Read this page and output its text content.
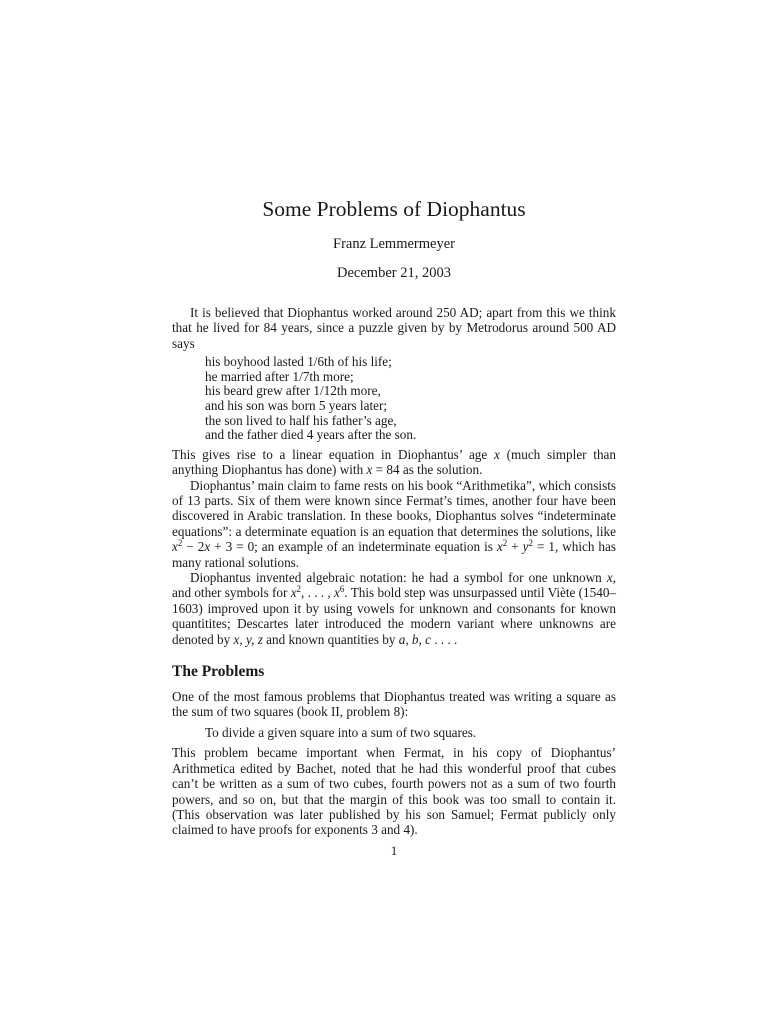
Some Problems of Diophantus
Franz Lemmermeyer
December 21, 2003

It is believed that Diophantus worked around 250 AD; apart from this we think that he lived for 84 years, since a puzzle given by by Metrodorus around 500 AD says

his boyhood lasted 1/6th of his life;
he married after 1/7th more;
his beard grew after 1/12th more,
and his son was born 5 years later;
the son lived to half his father’s age,
and the father died 4 years after the son.

This gives rise to a linear equation in Diophantus’ age x (much simpler than anything Diophantus has done) with x = 84 as the solution.

Diophantus’ main claim to fame rests on his book “Arithmetika”, which consists of 13 parts. Six of them were known since Fermat’s times, another four have been discovered in Arabic translation. In these books, Diophantus solves “indeterminate equations”: a determinate equation is an equation that determines the solutions, like $x^2 - 2x + 3 = 0$; an example of an indeterminate equation is $x^2 + y^2 = 1$, which has many rational solutions.

Diophantus invented algebraic notation: he had a symbol for one unknown x, and other symbols for $x^2$, . . . , $x^6$. This bold step was unsurpassed until Viète (1540–1603) improved upon it by using vowels for unknown and consonants for known quantitites; Descartes later introduced the modern variant where unknowns are denoted by x, y, z and known quantities by a, b, c . . . .

The Problems

One of the most famous problems that Diophantus treated was writing a square as the sum of two squares (book II, problem 8):

To divide a given square into a sum of two squares.

This problem became important when Fermat, in his copy of Diophantus’ Arithmetica edited by Bachet, noted that he had this wonderful proof that cubes can’t be written as a sum of two cubes, fourth powers not as a sum of two fourth powers, and so on, but that the margin of this book was too small to contain it. (This observation was later published by his son Samuel; Fermat publicly only claimed to have proofs for exponents 3 and 4).

1
